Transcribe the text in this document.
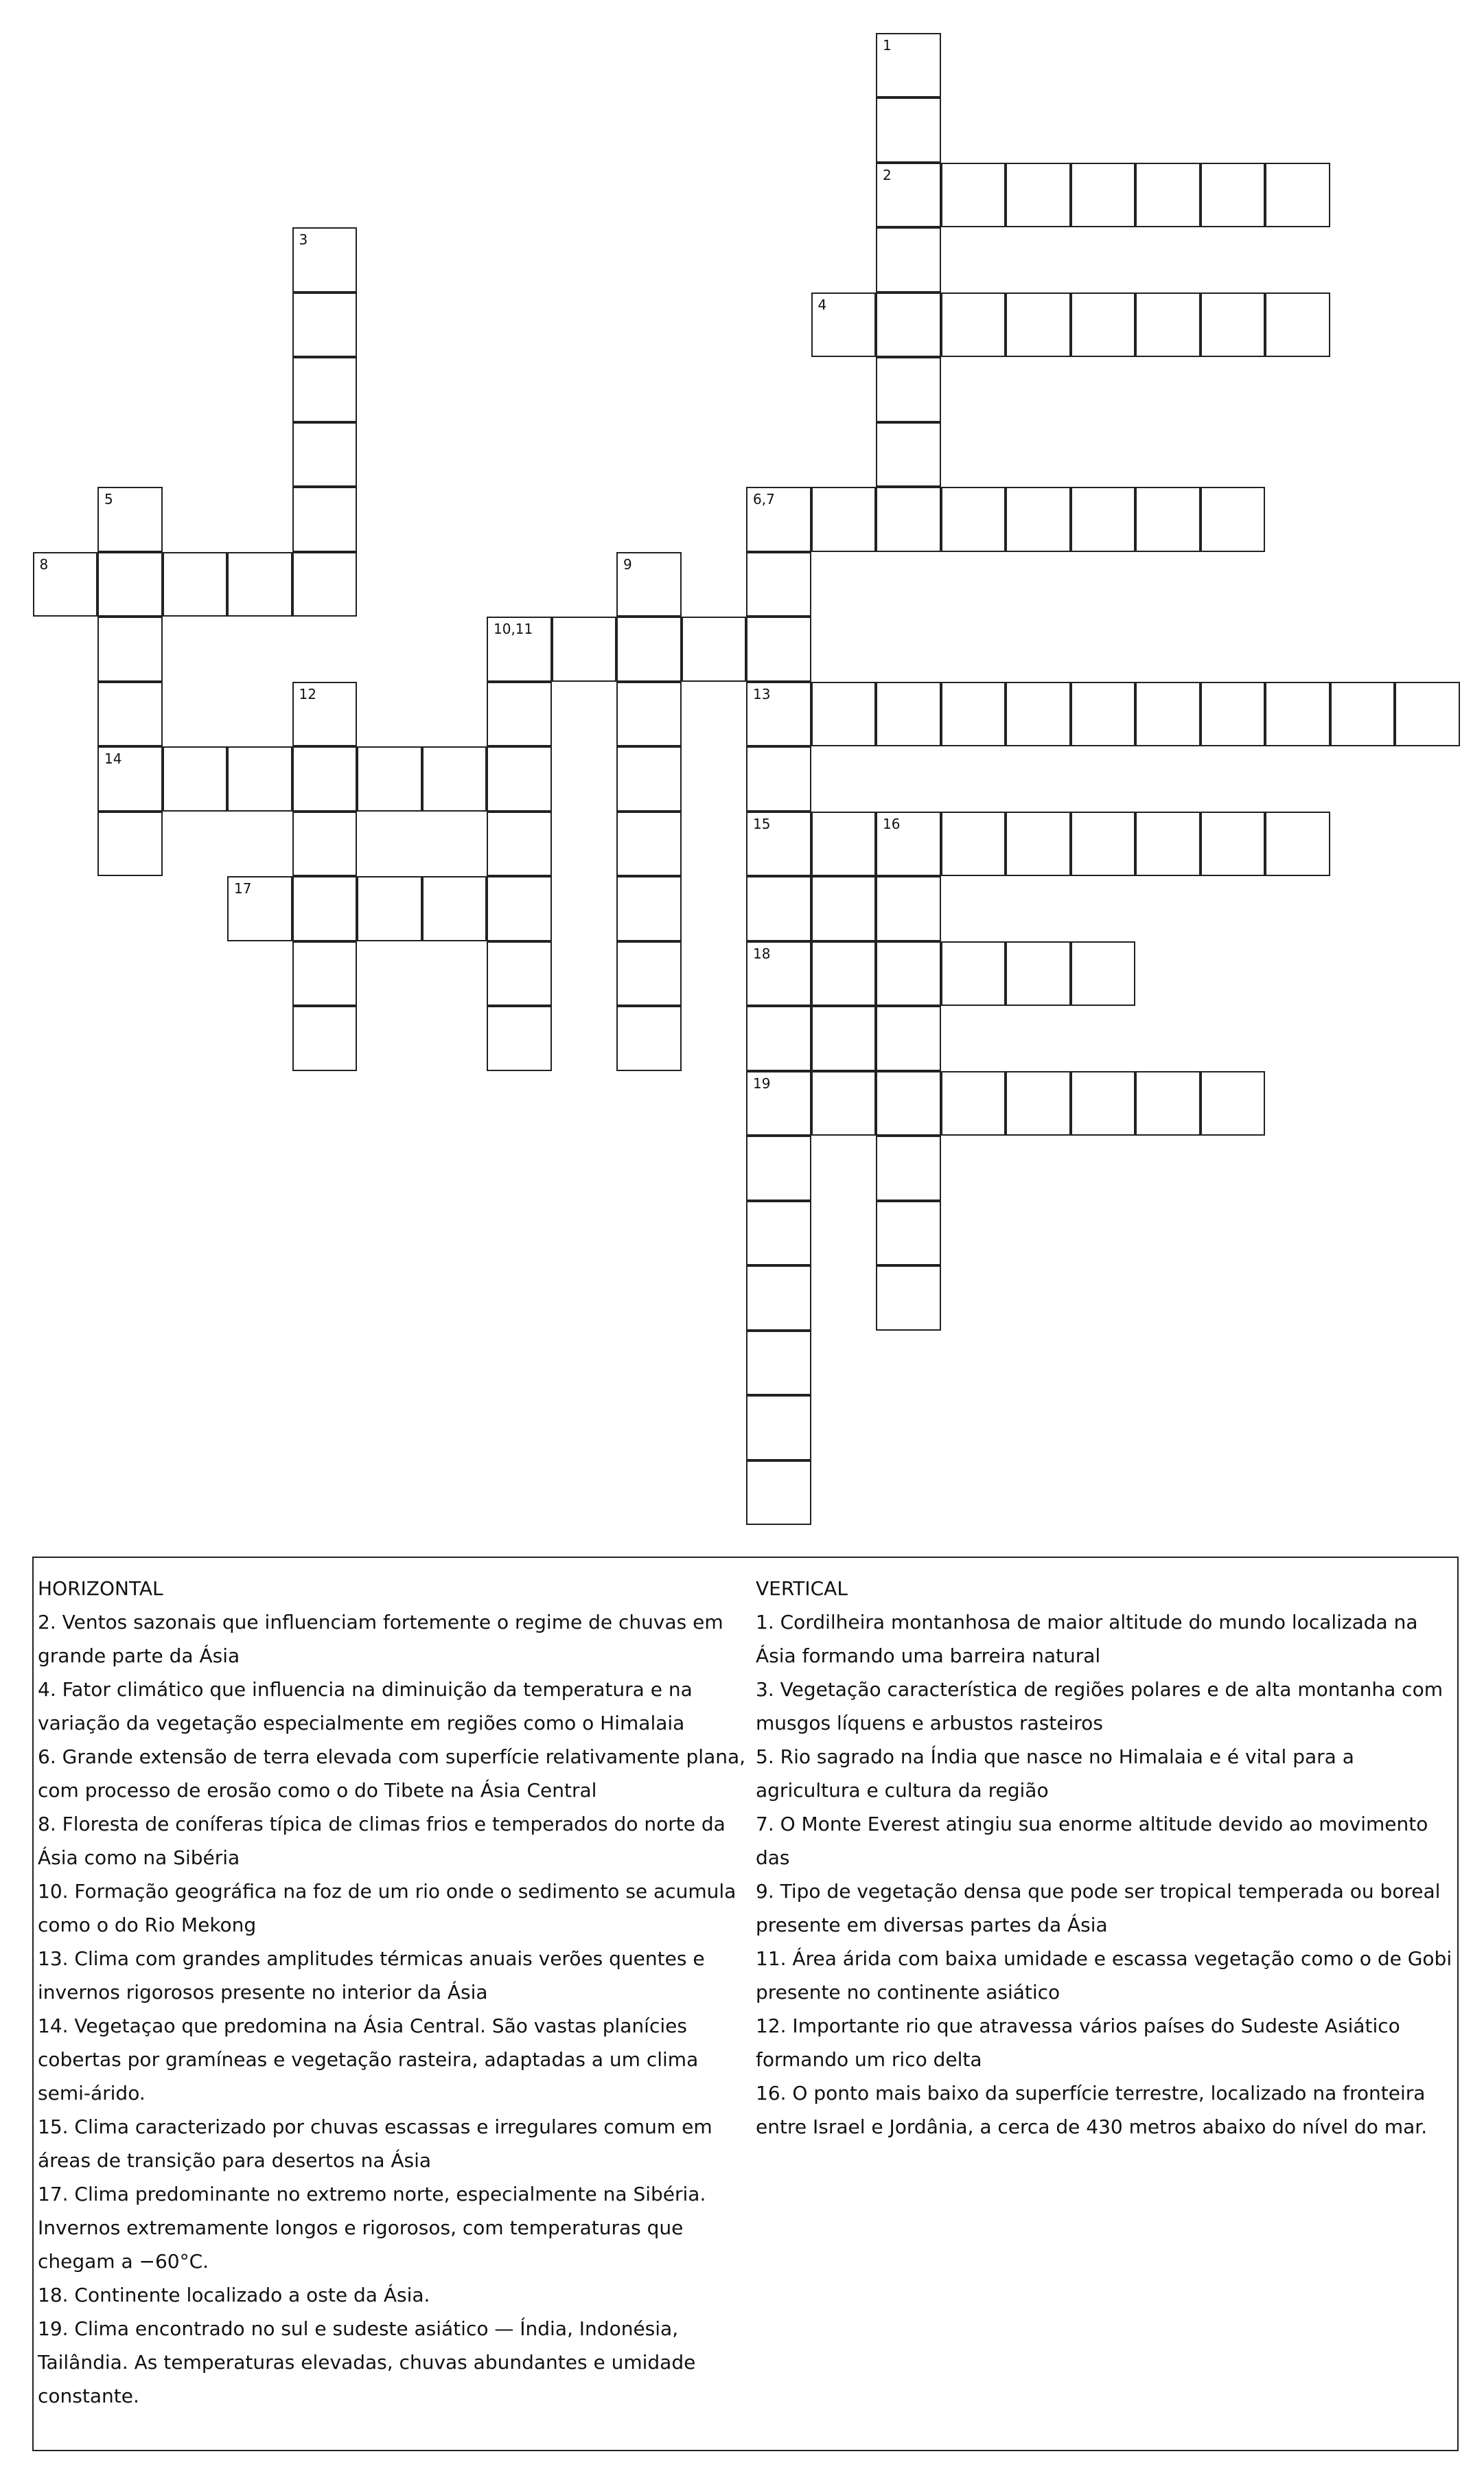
1
2
3
4
5	6,7
8	9
10,11
12	13
14
15	16
17
18
19
HORIZONTAL

2. Ventos sazonais que influenciam fortemente o regime de chuvas em grande parte da Ásia

4. Fator climático que influencia na diminuição da temperatura e na variação da vegetação especialmente em regiões como o Himalaia

6. Grande extensão de terra elevada com superfície relativamente plana, com processo de erosão como o do Tibete na Ásia Central

8. Floresta de coníferas típica de climas frios e temperados do norte da Ásia como na Sibéria

10. Formação geográfica na foz de um rio onde o sedimento se acumula como o do Rio Mekong

13. Clima com grandes amplitudes térmicas anuais verões quentes e invernos rigorosos presente no interior da Ásia

14. Vegetaçao que predomina na Ásia Central. São vastas planícies cobertas por gramíneas e vegetação rasteira, adaptadas a um clima semi-árido.

15. Clima caracterizado por chuvas escassas e irregulares comum em áreas de transição para desertos na Ásia

17. Clima predominante no extremo norte, especialmente na Sibéria. Invernos extremamente longos e rigorosos, com temperaturas que chegam a −60°C.

18. Continente localizado a oste da Ásia.

19. Clima encontrado no sul e sudeste asiático — Índia, Indonésia, Tailândia. As temperaturas elevadas, chuvas abundantes e umidade constante.

VERTICAL

1. Cordilheira montanhosa de maior altitude do mundo localizada na Ásia formando uma barreira natural

3. Vegetação característica de regiões polares e de alta montanha com musgos líquens e arbustos rasteiros

5. Rio sagrado na Índia que nasce no Himalaia e é vital para a agricultura e cultura da região

7. O Monte Everest atingiu sua enorme altitude devido ao movimento das

9. Tipo de vegetação densa que pode ser tropical temperada ou boreal presente em diversas partes da Ásia

11. Área árida com baixa umidade e escassa vegetação como o de Gobi presente no continente asiático

12. Importante rio que atravessa vários países do Sudeste Asiático formando um rico delta

16. O ponto mais baixo da superfície terrestre, localizado na fronteira entre Israel e Jordânia, a cerca de 430 metros abaixo do nível do mar.
